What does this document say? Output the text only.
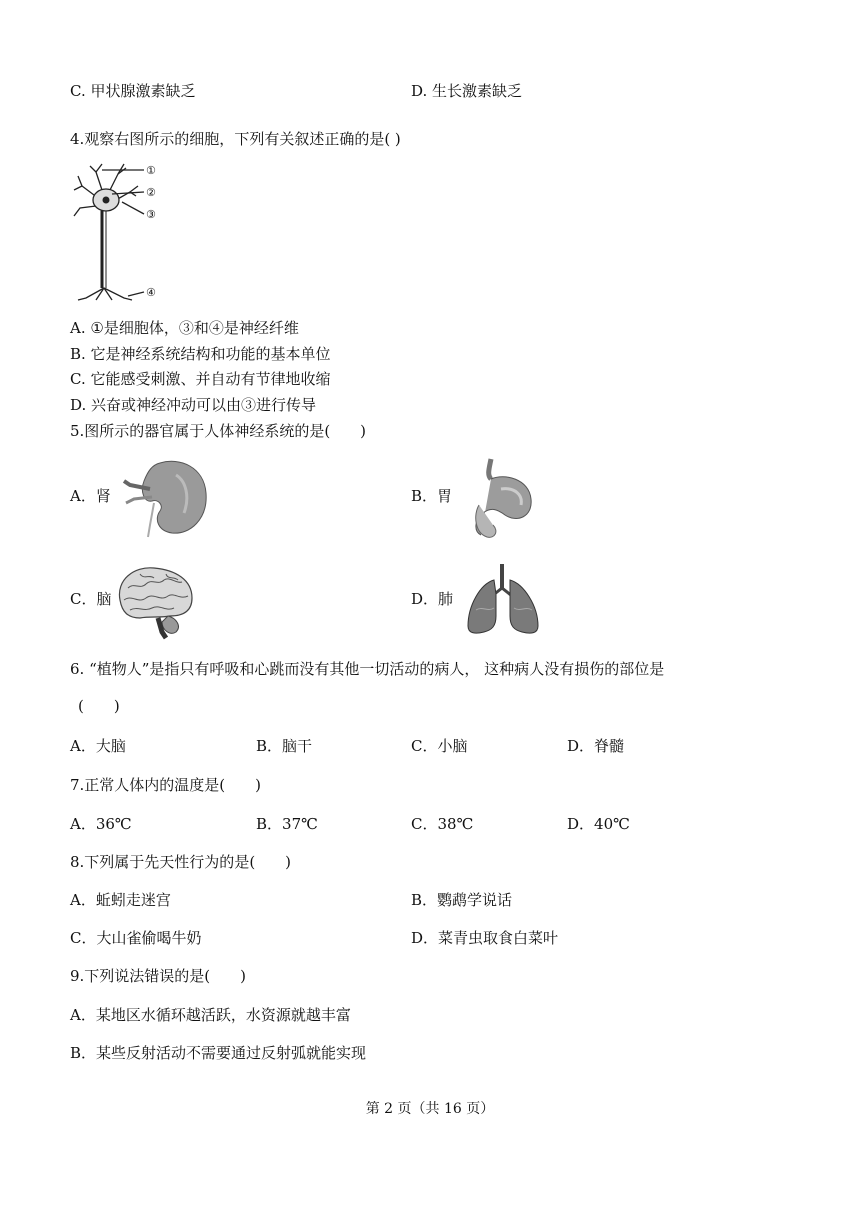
C. 甲状腺激素缺乏	D. 生长激素缺乏
4.观察右图所示的细胞，下列有关叙述正确的是( )
①
②
③
④
A. ①是细胞体，③和④是神经纤维
B. 它是神经系统结构和功能的基本单位
C. 它能感受刺激、并自动有节律地收缩
D. 兴奋或神经冲动可以由③进行传导
5.图所示的器官属于人体神经系统的是(　　)
A．肾	B．胃
C．脑	D．肺
6. “植物人”是指只有呼吸和心跳而没有其他一切活动的病人， 这种病人没有损伤的部位是
(　　)
A．大脑	B．脑干	C．小脑	D．脊髓
7.正常人体内的温度是(　　)
A．36℃	B．37℃	C．38℃	D．40℃
8.下列属于先天性行为的是(　　)
A．蚯蚓走迷宫	B．鹦鹉学说话
C．大山雀偷喝牛奶	D．菜青虫取食白菜叶
9.下列说法错误的是(　　)
A．某地区水循环越活跃，水资源就越丰富
B．某些反射活动不需要通过反射弧就能实现
第 2 页（共 16 页）
